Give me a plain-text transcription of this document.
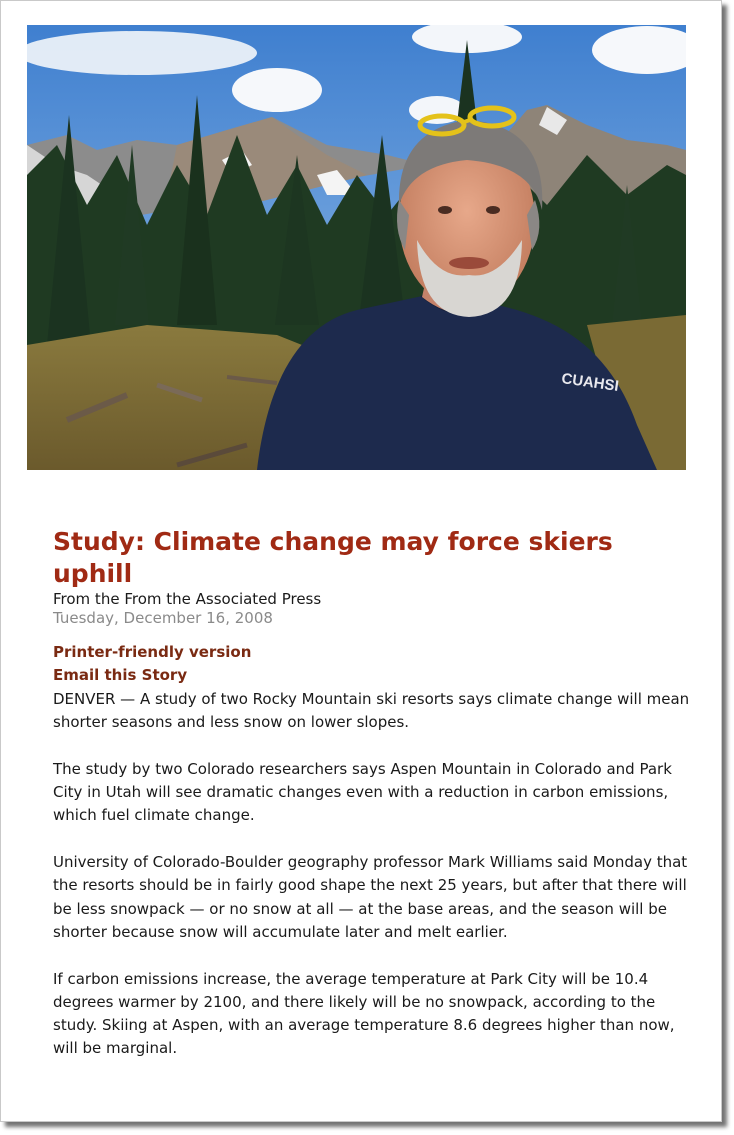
CUAHSI
Study: Climate change may force skiers uphill
From the From the Associated Press
Tuesday, December 16, 2008
Printer-friendly version
Email this Story

DENVER — A study of two Rocky Mountain ski resorts says climate change will mean shorter seasons and less snow on lower slopes.

The study by two Colorado researchers says Aspen Mountain in Colorado and Park City in Utah will see dramatic changes even with a reduction in carbon emissions, which fuel climate change.

University of Colorado-Boulder geography professor Mark Williams said Monday that the resorts should be in fairly good shape the next 25 years, but after that there will be less snowpack — or no snow at all — at the base areas, and the season will be shorter because snow will accumulate later and melt earlier.

If carbon emissions increase, the average temperature at Park City will be 10.4 degrees warmer by 2100, and there likely will be no snowpack, according to the study. Skiing at Aspen, with an average temperature 8.6 degrees higher than now, will be marginal.
